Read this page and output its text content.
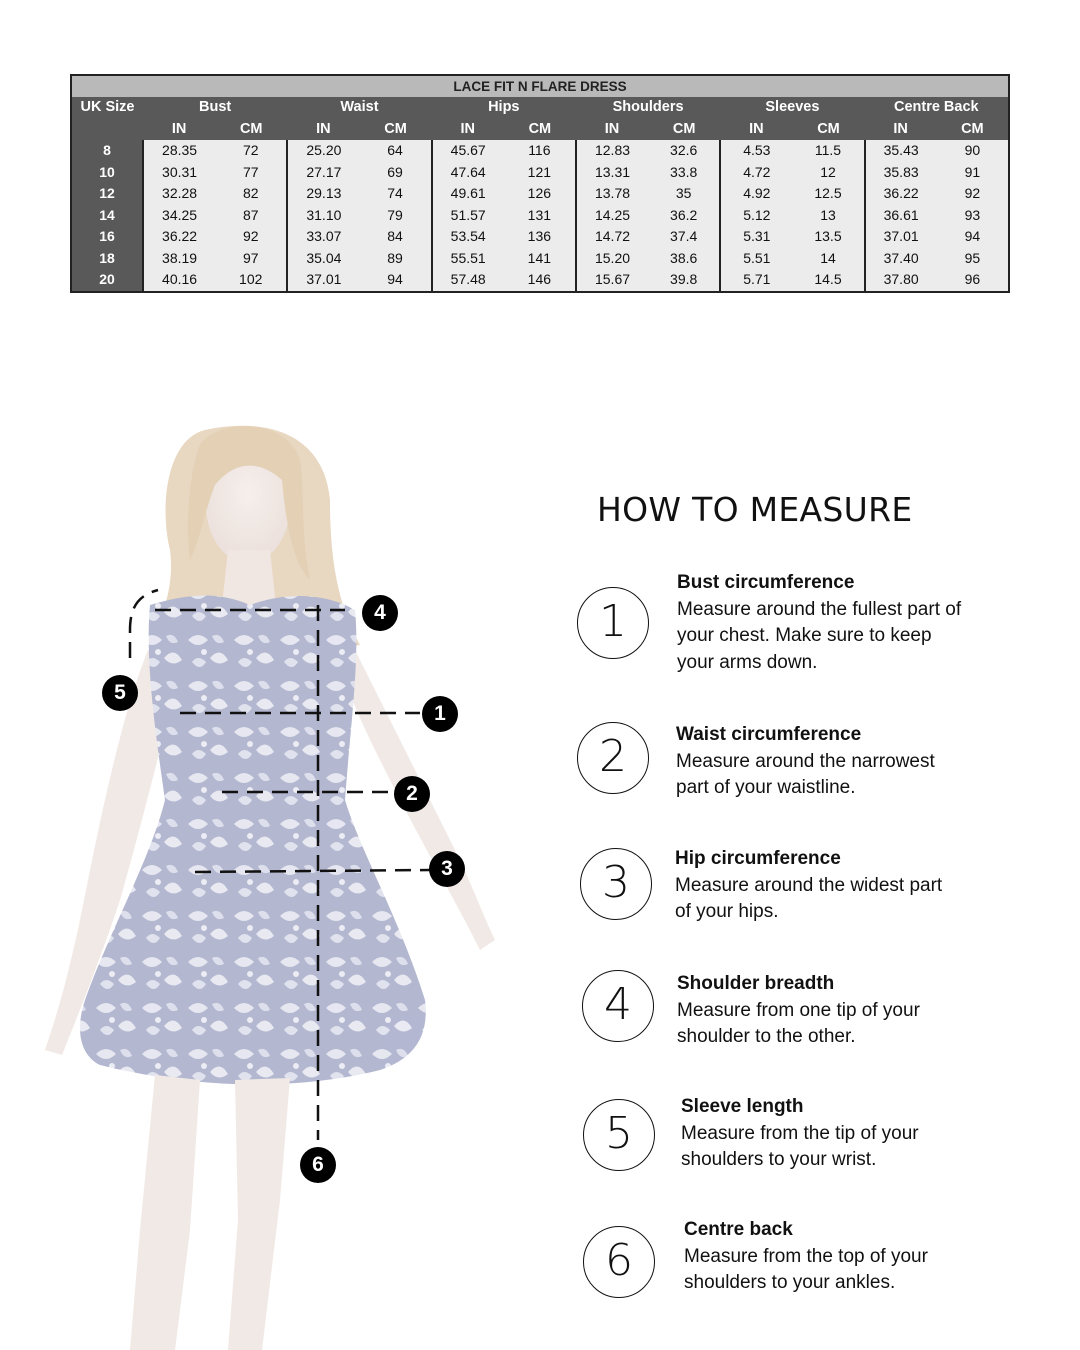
LACE FIT N FLARE DRESS												
UK Size	Bust		Waist		Hips		Shoulders		Sleeves		Centre Back	
	IN	CM	IN	CM	IN	CM	IN	CM	IN	CM	IN	CM
8	28.35	72	25.20	64	45.67	116	12.83	32.6	4.53	11.5	35.43	90
10	30.31	77	27.17	69	47.64	121	13.31	33.8	4.72	12	35.83	91
12	32.28	82	29.13	74	49.61	126	13.78	35	4.92	12.5	36.22	92
14	34.25	87	31.10	79	51.57	131	14.25	36.2	5.12	13	36.61	93
16	36.22	92	33.07	84	53.54	136	14.72	37.4	5.31	13.5	37.01	94
18	38.19	97	35.04	89	55.51	141	15.20	38.6	5.51	14	37.40	95
20	40.16	102	37.01	94	57.48	146	15.67	39.8	5.71	14.5	37.80	96
1
2
3
4
5
6
HOW TO MEASURE
1
Bust circumference
Measure around the fullest part of
your chest. Make sure to keep
your arms down.
2	Waist circumference
Measure around the narrowest
part of your waistline.
3	Hip circumference
Measure around the widest part
of your hips.
4	Shoulder breadth
Measure from one tip of your
shoulder to the other.
5
Sleeve length
Measure from the tip of your
shoulders to your wrist.
6
Centre back
Measure from the top of your
shoulders to your ankles.
